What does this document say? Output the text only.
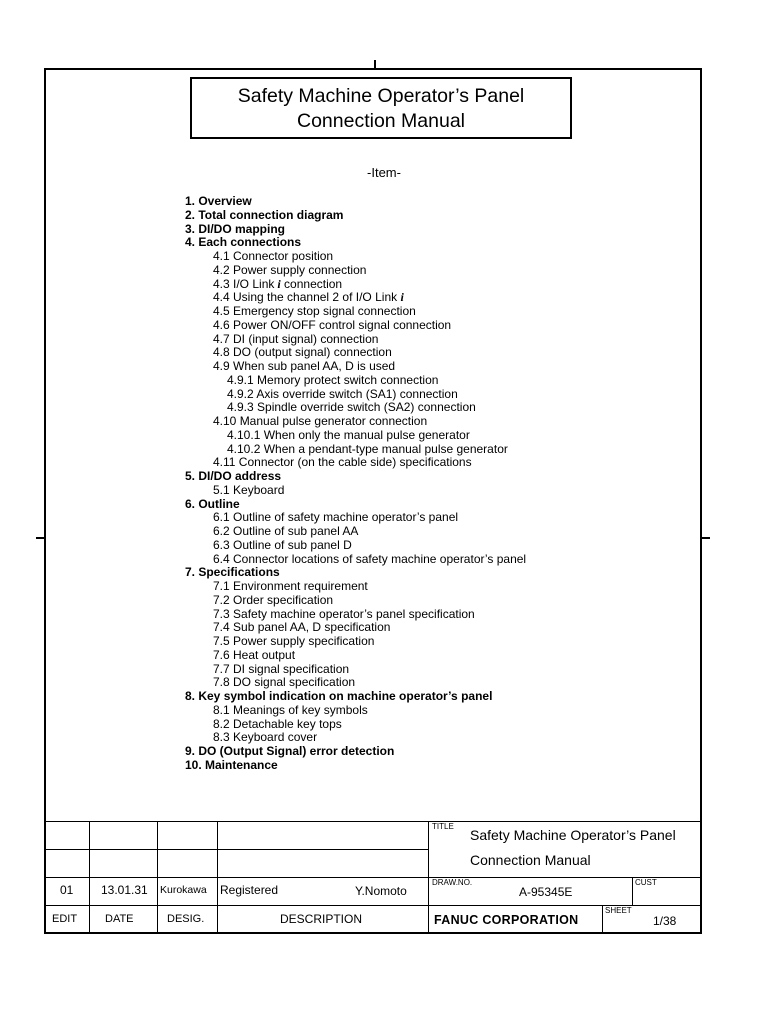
Safety Machine Operator’s Panel
Connection Manual
-Item-
1. Overview
2. Total connection diagram
3. DI/DO mapping
4. Each connections
4.1 Connector position
4.2 Power supply connection
4.3 I/O Link i connection
4.4 Using the channel 2 of I/O Link i
4.5 Emergency stop signal connection
4.6 Power ON/OFF control signal connection
4.7 DI (input signal) connection
4.8 DO (output signal) connection
4.9 When sub panel AA, D is used
4.9.1 Memory protect switch connection
4.9.2 Axis override switch (SA1) connection
4.9.3 Spindle override switch (SA2) connection
4.10 Manual pulse generator connection
4.10.1 When only the manual pulse generator
4.10.2 When a pendant-type manual pulse generator
4.11 Connector (on the cable side) specifications
5. DI/DO address
5.1 Keyboard
6. Outline
6.1 Outline of safety machine operator’s panel
6.2 Outline of sub panel AA
6.3 Outline of sub panel D
6.4 Connector locations of safety machine operator’s panel
7. Specifications
7.1 Environment requirement
7.2 Order specification
7.3 Safety machine operator’s panel specification
7.4 Sub panel AA, D specification
7.5 Power supply specification
7.6 Heat output
7.7 DI signal specification
7.8 DO signal specification
8. Key symbol indication on machine operator’s panel
8.1 Meanings of key symbols
8.2 Detachable key tops
8.3 Keyboard cover
9. DO (Output Signal) error detection
10. Maintenance
TITLE
Safety Machine Operator’s Panel
Connection Manual
DRAW.NO.
A-95345E
CUST
SHEET
1/38
FANUC CORPORATION
01 13.01.31 Kurokawa Registered	Y.Nomoto
EDIT	DATE	DESIG.	DESCRIPTION
